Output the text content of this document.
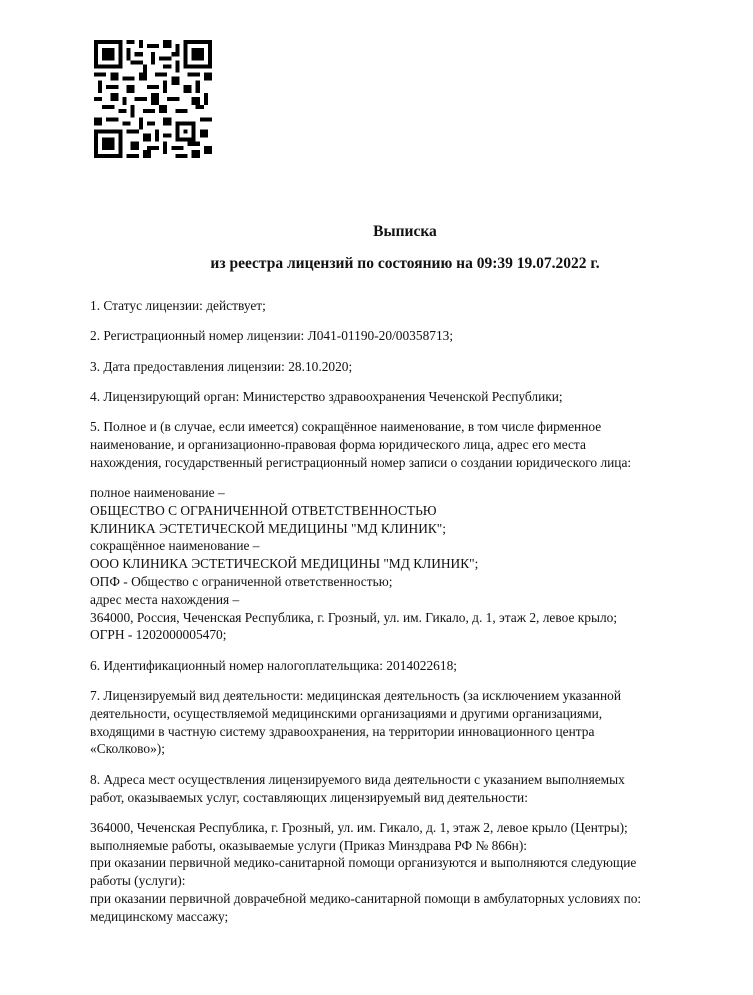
Выписка
из реестра лицензий по состоянию на 09:39 19.07.2022 г.

1. Статус лицензии: действует;

2. Регистрационный номер лицензии: Л041-01190-20/00358713;

3. Дата предоставления лицензии: 28.10.2020;

4. Лицензирующий орган: Министерство здравоохранения Чеченской Республики;

5. Полное и (в случае, если имеется) сокращённое наименование, в том числе фирменное
наименование, и организационно-правовая форма юридического лица, адрес его места
нахождения, государственный регистрационный номер записи о создании юридического лица:
полное наименование –
ОБЩЕСТВО С ОГРАНИЧЕННОЙ ОТВЕТСТВЕННОСТЬЮ
КЛИНИКА ЭСТЕТИЧЕСКОЙ МЕДИЦИНЫ "МД КЛИНИК";
сокращённое наименование –
ООО КЛИНИКА ЭСТЕТИЧЕСКОЙ МЕДИЦИНЫ "МД КЛИНИК";
ОПФ - Общество с ограниченной ответственностью;
адрес места нахождения –
364000, Россия, Чеченская Республика, г. Грозный, ул. им. Гикало, д. 1, этаж 2, левое крыло;
ОГРН - 1202000005470;

6. Идентификационный номер налогоплательщика: 2014022618;

7. Лицензируемый вид деятельности: медицинская деятельность (за исключением указанной
деятельности, осуществляемой медицинскими организациями и другими организациями,
входящими в частную систему здравоохранения, на территории инновационного центра
«Сколково»);
8. Адреса мест осуществления лицензируемого вида деятельности с указанием выполняемых
работ, оказываемых услуг, составляющих лицензируемый вид деятельности:
364000, Чеченская Республика, г. Грозный, ул. им. Гикало, д. 1, этаж 2, левое крыло (Центры);
выполняемые работы, оказываемые услуги (Приказ Минздрава РФ № 866н):
при оказании первичной медико-санитарной помощи организуются и выполняются следующие
работы (услуги):
при оказании первичной доврачебной медико-санитарной помощи в амбулаторных условиях по:
медицинскому массажу;
